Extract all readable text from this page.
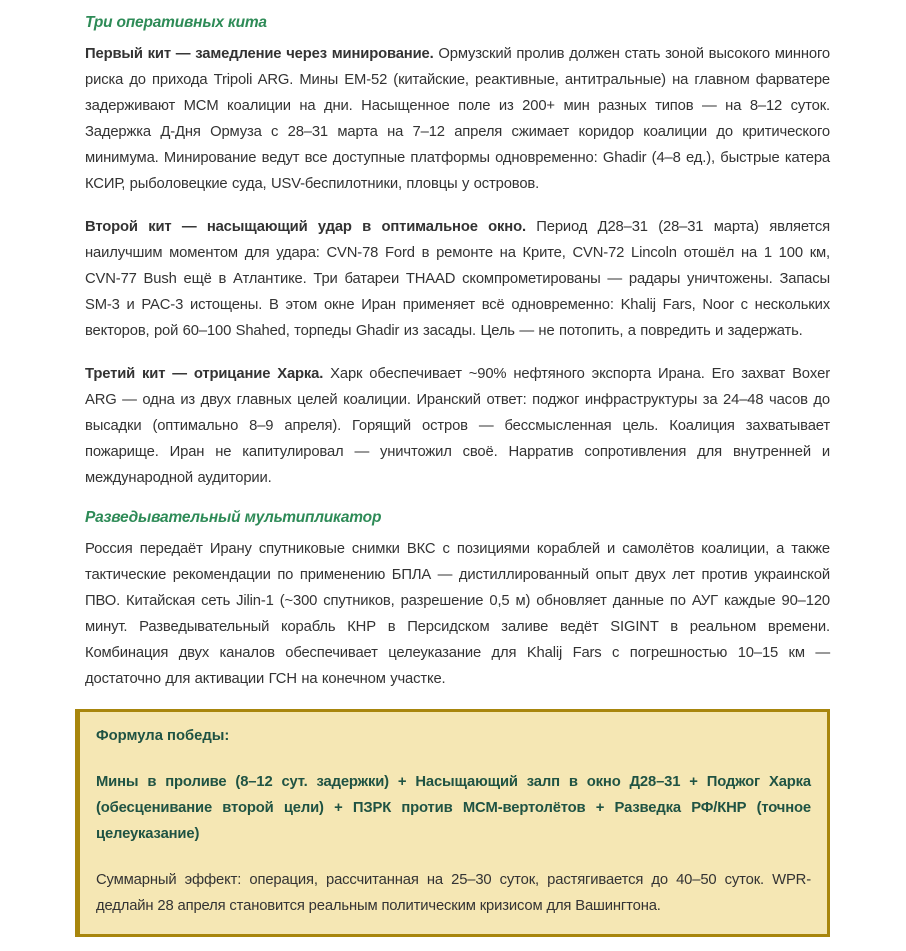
Три оперативных кита

Первый кит — замедление через минирование. Ормузский пролив должен стать зоной высокого минного риска до прихода Tripoli ARG. Мины EM-52 (китайские, реактивные, антитральные) на главном фарватере задерживают MCM коалиции на дни. Насыщенное поле из 200+ мин разных типов — на 8–12 суток. Задержка Д-Дня Ормуза с 28–31 марта на 7–12 апреля сжимает коридор коалиции до критического минимума. Минирование ведут все доступные платформы одновременно: Ghadir (4–8 ед.), быстрые катера КСИР, рыболовецкие суда, USV-беспилотники, пловцы у островов.

Второй кит — насыщающий удар в оптимальное окно. Период Д28–31 (28–31 марта) является наилучшим моментом для удара: CVN-78 Ford в ремонте на Крите, CVN-72 Lincoln отошёл на 1 100 км, CVN-77 Bush ещё в Атлантике. Три батареи THAAD скомпрометированы — радары уничтожены. Запасы SM-3 и PAC-3 истощены. В этом окне Иран применяет всё одновременно: Khalij Fars, Noor с нескольких векторов, рой 60–100 Shahed, торпеды Ghadir из засады. Цель — не потопить, а повредить и задержать.

Третий кит — отрицание Харка. Харк обеспечивает ~90% нефтяного экспорта Ирана. Его захват Boxer ARG — одна из двух главных целей коалиции. Иранский ответ: поджог инфраструктуры за 24–48 часов до высадки (оптимально 8–9 апреля). Горящий остров — бессмысленная цель. Коалиция захватывает пожарище. Иран не капитулировал — уничтожил своё. Нарратив сопротивления для внутренней и международной аудитории.

Разведывательный мультипликатор

Россия передаёт Ирану спутниковые снимки ВКС с позициями кораблей и самолётов коалиции, а также тактические рекомендации по применению БПЛА — дистиллированный опыт двух лет против украинской ПВО. Китайская сеть Jilin-1 (~300 спутников, разрешение 0,5 м) обновляет данные по АУГ каждые 90–120 минут. Разведывательный корабль КНР в Персидском заливе ведёт SIGINT в реальном времени. Комбинация двух каналов обеспечивает целеуказание для Khalij Fars с погрешностью 10–15 км — достаточно для активации ГСН на конечном участке.

Формула победы:

Мины в проливе (8–12 сут. задержки) + Насыщающий залп в окно Д28–31 + Поджог Харка (обесценивание второй цели) + ПЗРК против MCM-вертолётов + Разведка РФ/КНР (точное целеуказание)

Суммарный эффект: операция, рассчитанная на 25–30 суток, растягивается до 40–50 суток. WPR-дедлайн 28 апреля становится реальным политическим кризисом для Вашингтона.
